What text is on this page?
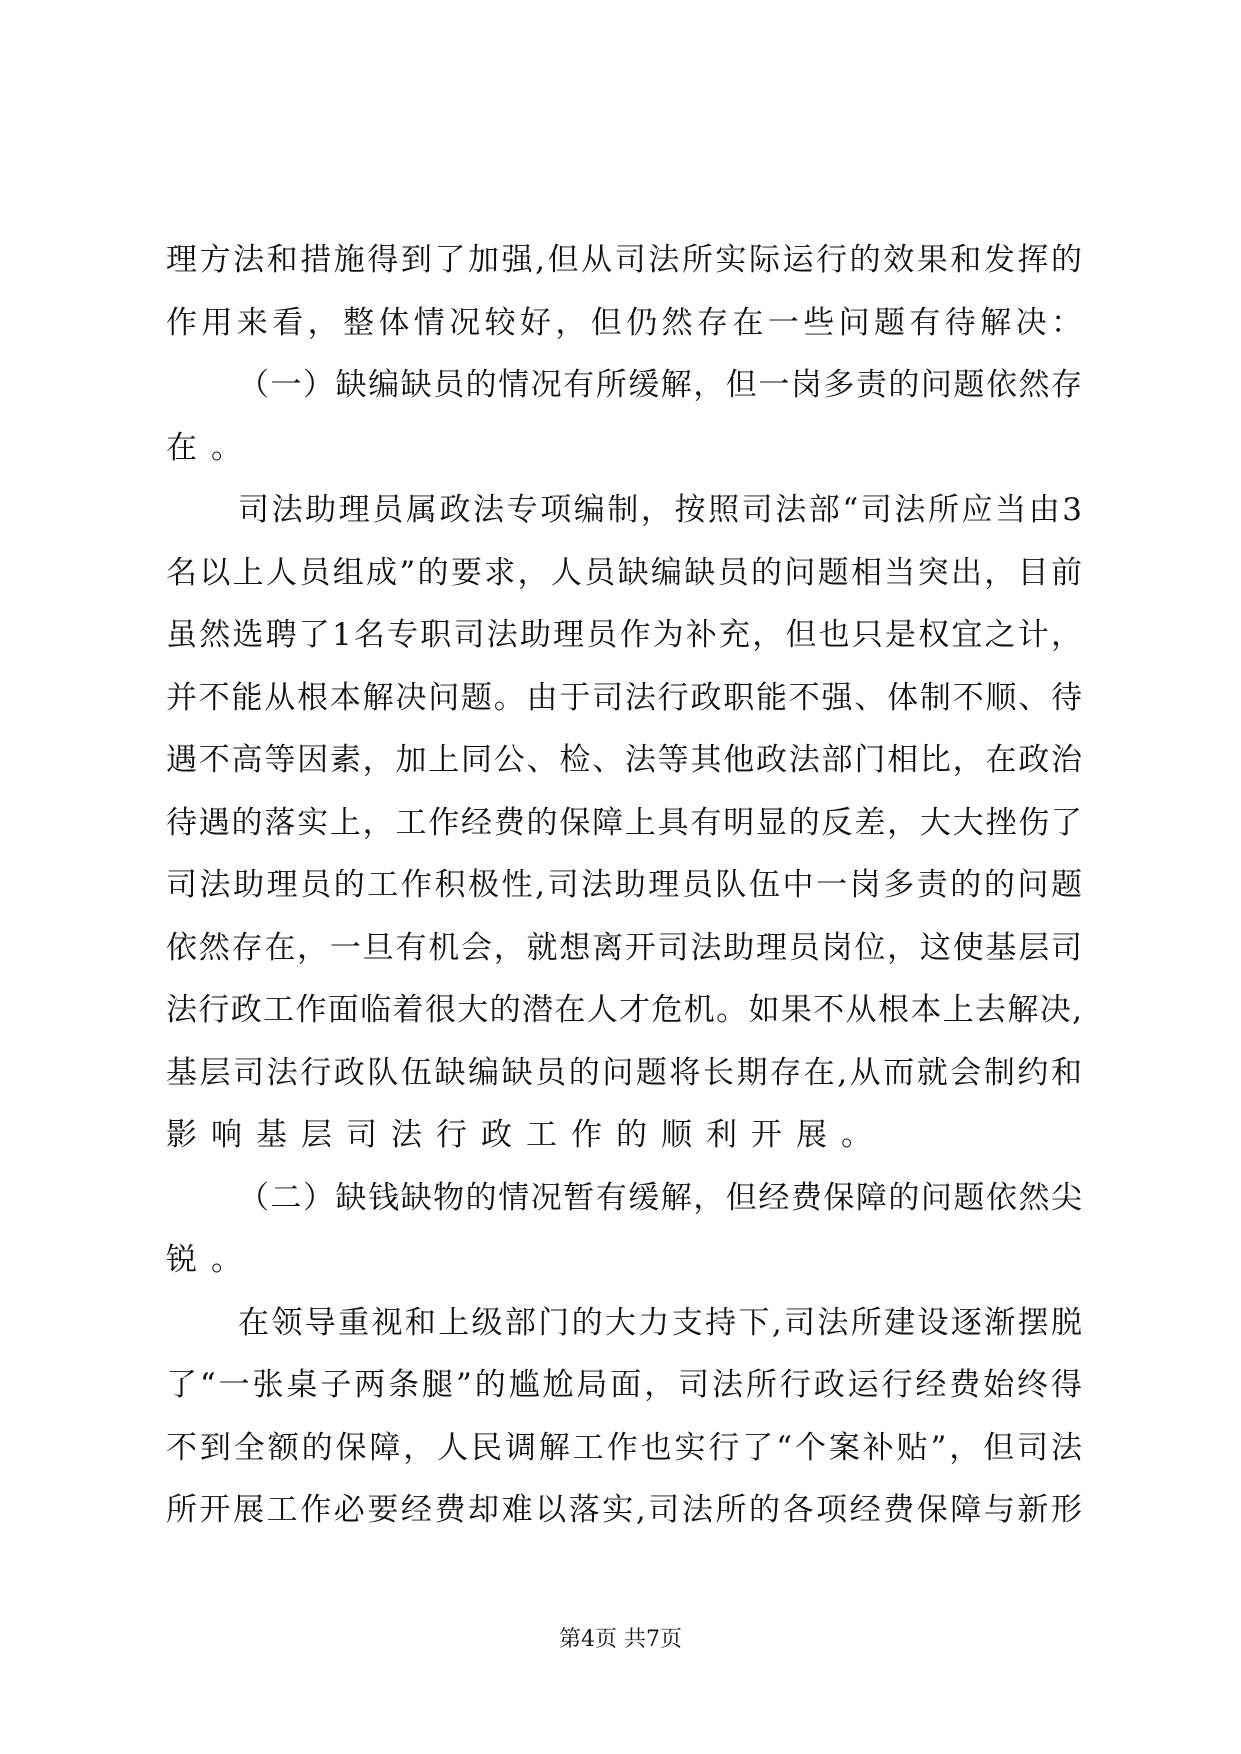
理方法和措施得到了加强,但从司法所实际运行的效果和发挥的
作用来看，整体情况较好，但仍然存在一些问题有待解决：
（一）缺编缺员的情况有所缓解，但一岗多责的问题依然存
在。
司法助理员属政法专项编制，按照司法部“司法所应当由3
名以上人员组成”的要求，人员缺编缺员的问题相当突出，目前
虽然选聘了1名专职司法助理员作为补充，但也只是权宜之计，
并不能从根本解决问题。由于司法行政职能不强、体制不顺、待
遇不高等因素，加上同公、检、法等其他政法部门相比，在政治
待遇的落实上，工作经费的保障上具有明显的反差，大大挫伤了
司法助理员的工作积极性,司法助理员队伍中一岗多责的的问题
依然存在，一旦有机会，就想离开司法助理员岗位，这使基层司
法行政工作面临着很大的潜在人才危机。如果不从根本上去解决,
基层司法行政队伍缺编缺员的问题将长期存在,从而就会制约和
影响基层司法行政工作的顺利开展。
（二）缺钱缺物的情况暂有缓解，但经费保障的问题依然尖
锐。
在领导重视和上级部门的大力支持下,司法所建设逐渐摆脱
了“一张桌子两条腿”的尴尬局面，司法所行政运行经费始终得
不到全额的保障，人民调解工作也实行了“个案补贴”，但司法
所开展工作必要经费却难以落实,司法所的各项经费保障与新形
第4页 共7页
